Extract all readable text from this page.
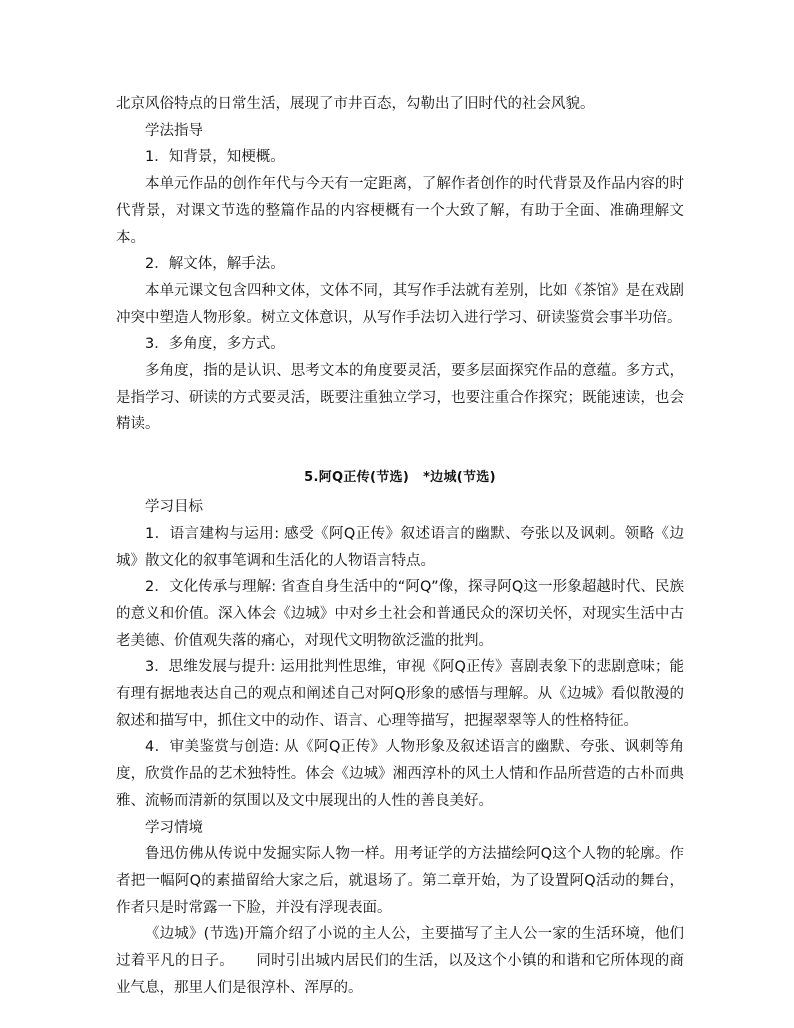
北京风俗特点的日常生活，展现了市井百态，勾勒出了旧时代的社会风貌。

学法指导

1．知背景，知梗概。

本单元作品的创作年代与今天有一定距离，了解作者创作的时代背景及作品内容的时代背景，对课文节选的整篇作品的内容梗概有一个大致了解，有助于全面、准确理解文本。

2．解文体，解手法。

本单元课文包含四种文体，文体不同，其写作手法就有差别，比如《茶馆》是在戏剧冲突中塑造人物形象。树立文体意识，从写作手法切入进行学习、研读鉴赏会事半功倍。

3．多角度，多方式。

多角度，指的是认识、思考文本的角度要灵活，要多层面探究作品的意蕴。多方式，是指学习、研读的方式要灵活，既要注重独立学习，也要注重合作探究；既能速读，也会精读。

5.阿Q正传(节选) *边城(节选)

学习目标

1．语言建构与运用: 感受《阿Q正传》叙述语言的幽默、夸张以及讽刺。领略《边城》散文化的叙事笔调和生活化的人物语言特点。

2．文化传承与理解: 省查自身生活中的“阿Q”像，探寻阿Q这一形象超越时代、民族的意义和价值。深入体会《边城》中对乡土社会和普通民众的深切关怀，对现实生活中古老美德、价值观失落的痛心，对现代文明物欲泛滥的批判。

3．思维发展与提升: 运用批判性思维，审视《阿Q正传》喜剧表象下的悲剧意味；能有理有据地表达自己的观点和阐述自己对阿Q形象的感悟与理解。从《边城》看似散漫的叙述和描写中，抓住文中的动作、语言、心理等描写，把握翠翠等人的性格特征。

4．审美鉴赏与创造: 从《阿Q正传》人物形象及叙述语言的幽默、夸张、讽刺等角度，欣赏作品的艺术独特性。体会《边城》湘西淳朴的风土人情和作品所营造的古朴而典雅、流畅而清新的氛围以及文中展现出的人性的善良美好。

学习情境

鲁迅仿佛从传说中发掘实际人物一样。用考证学的方法描绘阿Q这个人物的轮廓。作者把一幅阿Q的素描留给大家之后，就退场了。第二章开始，为了设置阿Q活动的舞台，作者只是时常露一下脸，并没有浮现表面。

《边城》(节选)开篇介绍了小说的主人公，主要描写了主人公一家的生活环境，他们过着平凡的日子。 同时引出城内居民们的生活，以及这个小镇的和谐和它所体现的商业气息，那里人们是很淳朴、浑厚的。
